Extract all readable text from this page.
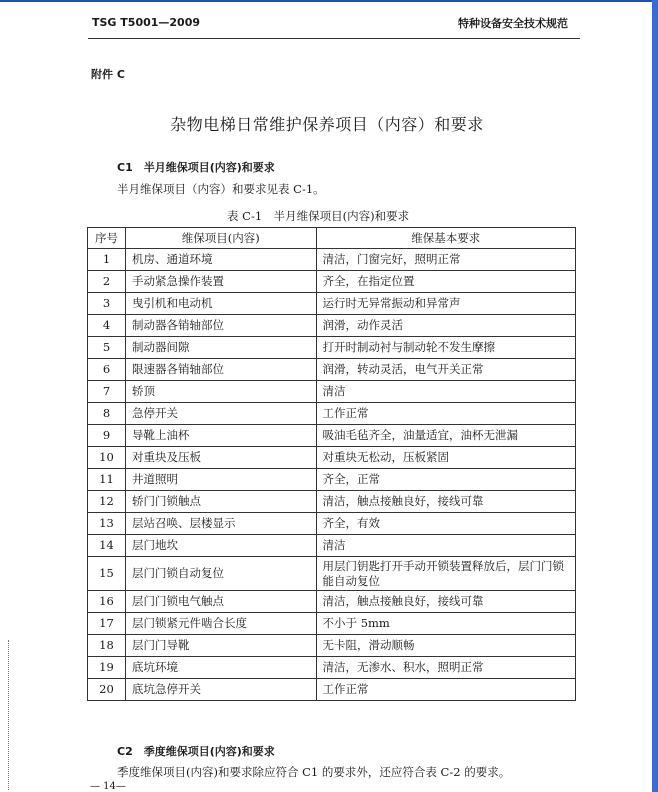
TSG T5001—2009	特种设备安全技术规范
附件 C
杂物电梯日常维护保养项目（内容）和要求
C1　半月维保项目(内容)和要求
半月维保项目（内容）和要求见表 C-1。
表 C-1　半月维保项目(内容)和要求
序号	维保项目(内容)	维保基本要求
1	机房、通道环境	清洁，门窗完好，照明正常
2	手动紧急操作装置	齐全，在指定位置
3	曳引机和电动机	运行时无异常振动和异常声
4	制动器各销轴部位	润滑，动作灵活
5	制动器间隙	打开时制动衬与制动轮不发生摩擦
6	限速器各销轴部位	润滑，转动灵活，电气开关正常
7	轿顶	清洁
8	急停开关	工作正常
9	导靴上油杯	吸油毛毡齐全，油量适宜，油杯无泄漏
10	对重块及压板	对重块无松动，压板紧固
11	井道照明	齐全，正常
12	轿门门锁触点	清洁，触点接触良好，接线可靠
13	层站召唤、层楼显示	齐全，有效
14	层门地坎	清洁
15	层门门锁自动复位	用层门钥匙打开手动开锁装置释放后，层门门锁能自动复位
16	层门门锁电气触点	清洁，触点接触良好，接线可靠
17	层门锁紧元件啮合长度	不小于 5mm
18	层门门导靴	无卡阻，滑动顺畅
19	底坑环境	清洁，无渗水、积水，照明正常
20	底坑急停开关	工作正常
C2　季度维保项目(内容)和要求
季度维保项目(内容)和要求除应符合 C1 的要求外，还应符合表 C-2 的要求。
— 14—
